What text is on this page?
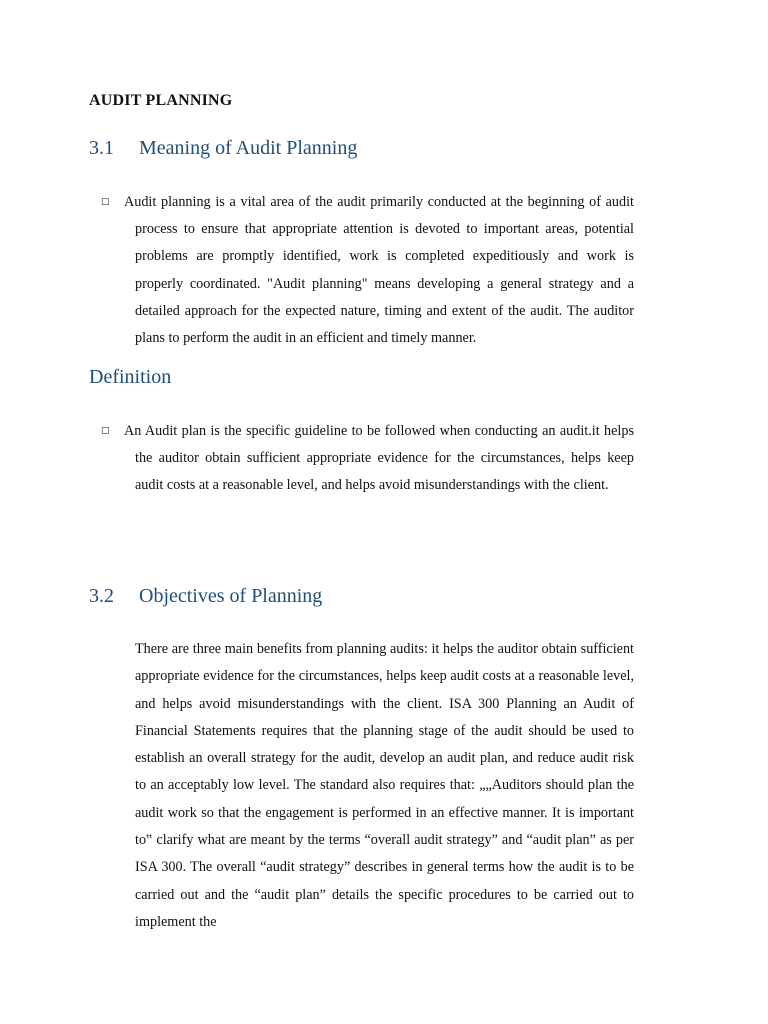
AUDIT PLANNING
3.1 Meaning of Audit Planning

□ Audit planning is a vital area of the audit primarily conducted at the beginning of audit process to ensure that appropriate attention is devoted to important areas, potential problems are promptly identified, work is completed expeditiously and work is properly coordinated. "Audit planning" means developing a general strategy and a detailed approach for the expected nature, timing and extent of the audit. The auditor plans to perform the audit in an efficient and timely manner.

Definition

□ An Audit plan is the specific guideline to be followed when conducting an audit.it helps the auditor obtain sufficient appropriate evidence for the circumstances, helps keep audit costs at a reasonable level, and helps avoid misunderstandings with the client.

3.2 Objectives of Planning

There are three main benefits from planning audits: it helps the auditor obtain sufficient appropriate evidence for the circumstances, helps keep audit costs at a reasonable level, and helps avoid misunderstandings with the client. ISA 300 Planning an Audit of Financial Statements requires that the planning stage of the audit should be used to establish an overall strategy for the audit, develop an audit plan, and reduce audit risk to an acceptably low level. The standard also requires that: „„Auditors should plan the audit work so that the engagement is performed in an effective manner. It is important to‟ clarify what are meant by the terms “overall audit strategy” and “audit plan” as per ISA 300. The overall “audit strategy” describes in general terms how the audit is to be carried out and the “audit plan” details the specific procedures to be carried out to implement the
